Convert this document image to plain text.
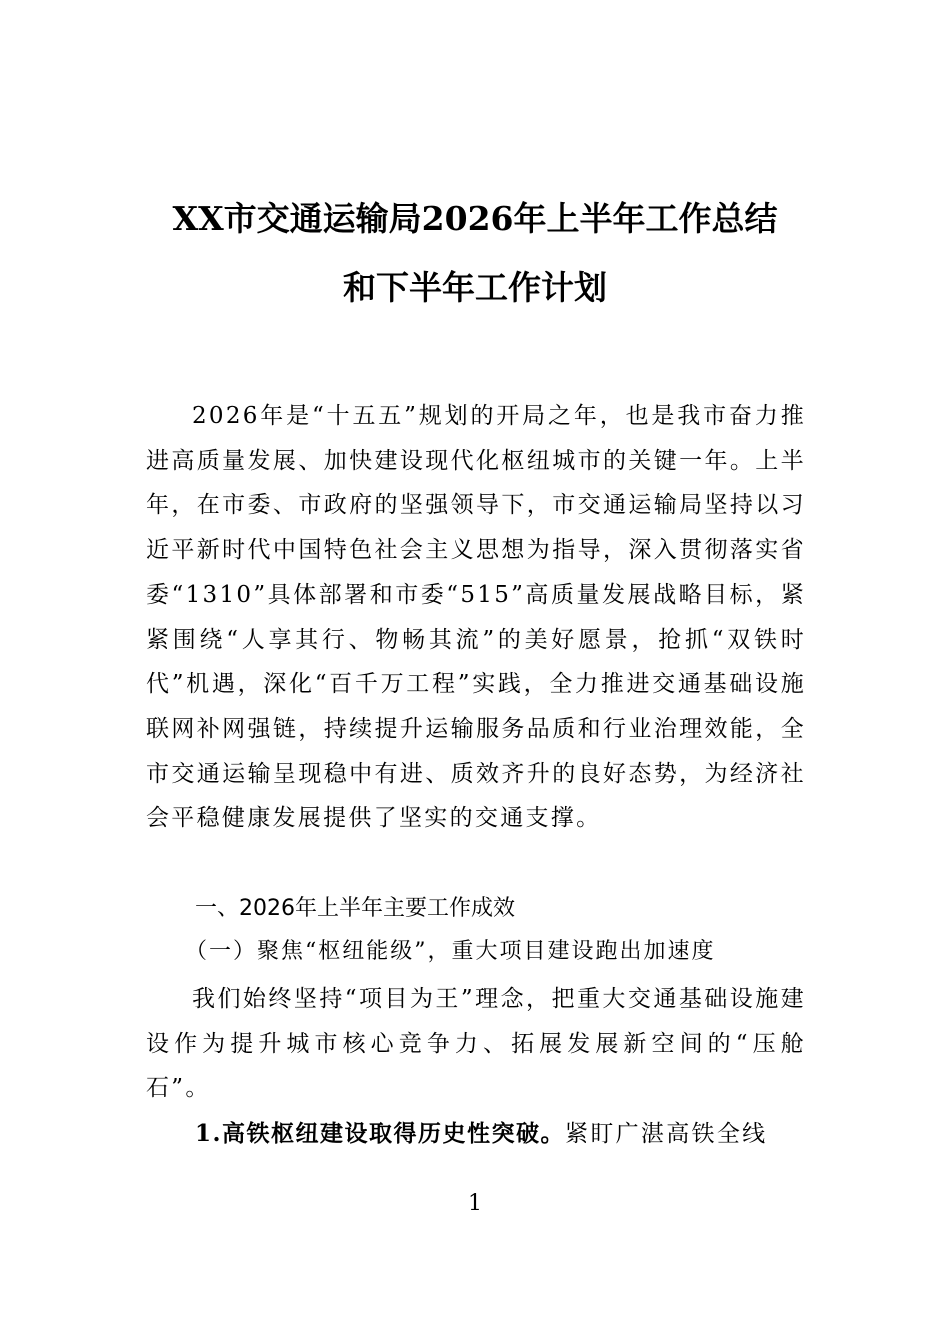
XX市交通运输局2026年上半年工作总结
和下半年工作计划

2026年是“十五五”规划的开局之年，也是我市奋力推进高质量发展、加快建设现代化枢纽城市的关键一年。上半年，在市委、市政府的坚强领导下，市交通运输局坚持以习近平新时代中国特色社会主义思想为指导，深入贯彻落实省委“1310”具体部署和市委“515”高质量发展战略目标，紧紧围绕“人享其行、物畅其流”的美好愿景，抢抓“双铁时代”机遇，深化“百千万工程”实践，全力推进交通基础设施联网补网强链，持续提升运输服务品质和行业治理效能，全市交通运输呈现稳中有进、质效齐升的良好态势，为经济社会平稳健康发展提供了坚实的交通支撑。

一、2026年上半年主要工作成效
（一）聚焦“枢纽能级”，重大项目建设跑出加速度

我们始终坚持“项目为王”理念，把重大交通基础设施建设作为提升城市核心竞争力、拓展发展新空间的“压舱石”。

1.高铁枢纽建设取得历史性突破。紧盯广湛高铁全线
1
